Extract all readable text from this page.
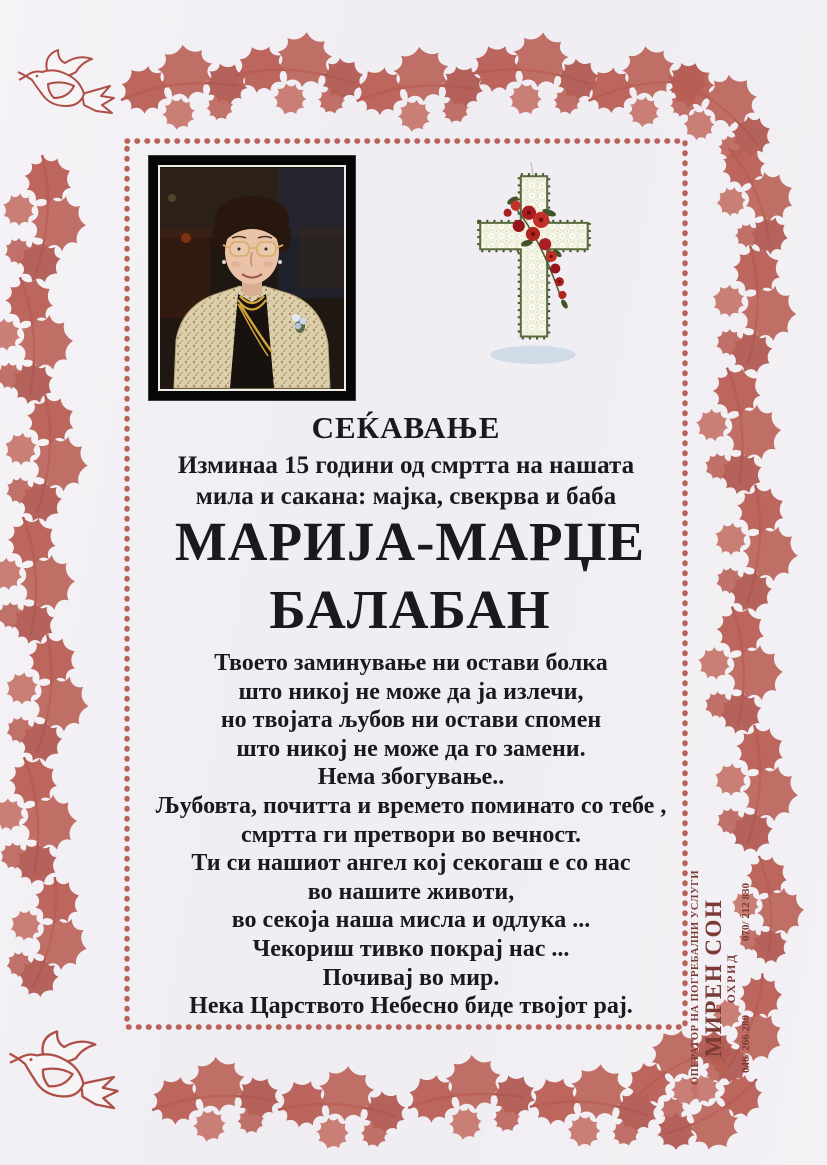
СЕЌАВАЊЕ
Изминаа 15 години од смртта на нашата
мила и сакана: мајка, свекрва и баба
МАРИЈА-МАРЏЕ
БАЛАБАН
Твоето заминување ни остави болка
што никој не може да ја излечи,
но твојата љубов ни остави спомен
што никој не може да го замени.
Нема збогување..
Љубовта, почитта и времето поминато со тебе ,
смртта ги претвори во вечност.
Ти си нашиот ангел кој секогаш е со нас
во нашите животи,
во секоја наша мисла и одлука ...
Чекориш тивко покрај нас ...
Почивај во мир.
Нека Царството Небесно биде твојот рај.	ОПЕРАТОР НА ПОГРЕБАЛНИ УСЛУГИ МИРЕН СОН ОХРИД
046/ 266 280
070/ 212 830
